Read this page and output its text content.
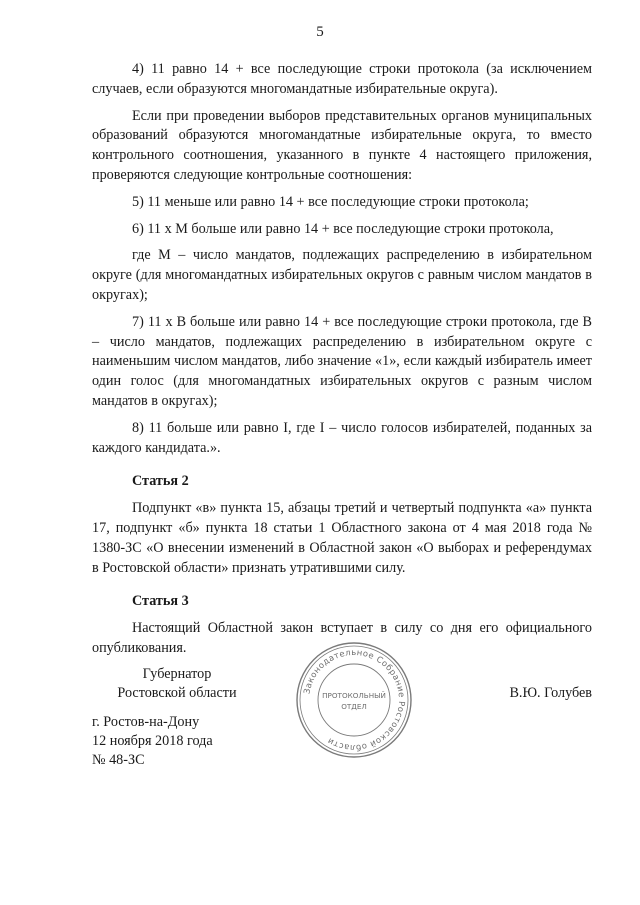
5

4) 11 равно 14 + все последующие строки протокола (за исключением случаев, если образуются многомандатные избирательные округа).

Если при проведении выборов представительных органов муниципальных образований образуются многомандатные избирательные округа, то вместо контрольного соотношения, указанного в пункте 4 настоящего приложения, проверяются следующие контрольные соотношения:

5) 11 меньше или равно 14 + все последующие строки протокола;

6) 11 x M больше или равно 14 + все последующие строки протокола,

где M – число мандатов, подлежащих распределению в избирательном округе (для многомандатных избирательных округов с равным числом мандатов в округах);

7) 11 x B больше или равно 14 + все последующие строки протокола, где B – число мандатов, подлежащих распределению в избирательном округе с наименьшим числом мандатов, либо значение «1», если каждый избиратель имеет один голос (для многомандатных избирательных округов с разным числом мандатов в округах);

8) 11 больше или равно I, где I – число голосов избирателей, поданных за каждого кандидата.».

Статья 2

Подпункт «в» пункта 15, абзацы третий и четвертый подпункта «а» пункта 17, подпункт «б» пункта 18 статьи 1 Областного закона от 4 мая 2018 года № 1380-ЗС «О внесении изменений в Областной закон «О выборах и референдумах в Ростовской области» признать утратившими силу.

Статья 3

Настоящий Областной закон вступает в силу со дня его официального опубликования.

Губернатор
Ростовской области	В.Ю. Голубев
г. Ростов-на-Дону
12 ноября 2018 года
№ 48-ЗС
Законодательное Собрание Ростовской области
ПРОТОКОЛЬНЫЙ
ОТДЕЛ
